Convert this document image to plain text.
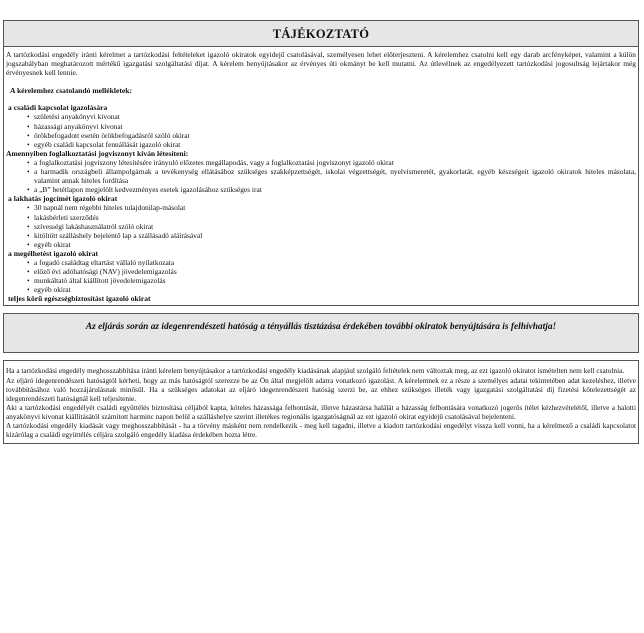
TÁJÉKOZTATÓ

A tartózkodási engedély iránti kérelmet a tartózkodási feltételeket igazoló okiratok egyidejű csatolásával, személyesen lehet előterjeszteni. A kérelemhez csatolni kell egy darab arcfényképet, valamint a külön jogszabályban meghatározott mértékű igazgatási szolgáltatási díjat. A kérelem benyújtásakor az érvényes úti okmányt be kell mutatni. Az útlevélnek az engedélyezett tartózkodási jogosultság lejártakor még érvényesnek kell lennie.

A kérelemhez csatolandó mellékletek:
a családi kapcsolat igazolására
• születési anyakönyvi kivonat
• házassági anyakönyvi kivonat
• örökbefogadott esetén örökbefogadásról szóló okirat
• egyéb családi kapcsolat fennállását igazoló okirat
Amennyiben foglalkoztatási jogviszonyt kíván létesíteni:
• a foglalkoztatási jogviszony létesítésére irányuló előzetes megállapodás, vagy a foglalkoztatási jogviszonyt igazoló okirat
• a harmadik országbeli állampolgárnak a tevékenység ellátásához szükséges szakképzettségét, iskolai végzettségét, nyelvismeretét, gyakorlatát, egyéb készségeit igazoló okiratok hiteles másolata, valamint annak hiteles fordítása
• a „B” betétlapon megjelölt kedvezményes esetek igazolásához szükséges irat
a lakhatás jogcímét igazoló okirat
• 30 napnál nem régebbi hiteles tulajdonilap-másolat
• lakásbérleti szerződés
• szívességi lakáshasználatról szóló okirat
• kitöltött szálláshely bejelentő lap a szállásadó aláírásával
• egyéb okirat
a megélhetést igazoló okirat
• a fogadó családtag eltartást vállaló nyilatkozata
• előző évi adóhatósági (NAV) jövedelemigazolás
• munkáltató által kiállított jövedelemigazolás
• egyéb okirat
teljes körű egészségbiztosítást igazoló okirat
Az eljárás során az idegenrendészeti hatóság a tényállás tisztázása érdekében további okiratok benyújtására is felhívhatja!

Ha a tartózkodási engedély meghosszabbítása iránti kérelem benyújtásakor a tartózkodási engedély kiadásának alapjául szolgáló feltételek nem változtak meg, az ezt igazoló okiratot ismételten nem kell csatolnia.

Az eljáró idegenrendészeti hatóságtól kérheti, hogy az más hatóságtól szerezze be az Ön által megjelölt adatra vonatkozó igazolást. A kérelemnek ez a része a személyes adatai tekintetében adat kezeléshez, illetve továbbításához való hozzájárulásnak minősül. Ha a szükséges adatokat az eljáró idegenrendészeti hatóság szerzi be, az ehhez szükséges illeték vagy igazgatási szolgáltatási díj fizetési kötelezettségét az idegenrendészeti hatóságnál kell teljesítenie.

Aki a tartózkodási engedélyét családi együttélés biztosítása céljából kapta, köteles házassága felbontását, illetve házastársa halálát a házasság felbontására vonatkozó jogerős ítélet kézhezvételétől, illetve a halotti anyakönyvi kivonat kiállításától számított harminc napon belül a szálláshelye szerint illetékes regionális igazgatóságnál az ezt igazoló okirat egyidejű csatolásával bejelenteni.

A tartózkodási engedély kiadását vagy meghosszabbítását - ha a törvény másként nem rendelkezik - meg kell tagadni, illetve a kiadott tartózkodási engedélyt vissza kell vonni, ha a kérelmező a családi kapcsolatot kizárólag a családi együttélés céljára szolgáló engedély kiadása érdekében hozta létre.
